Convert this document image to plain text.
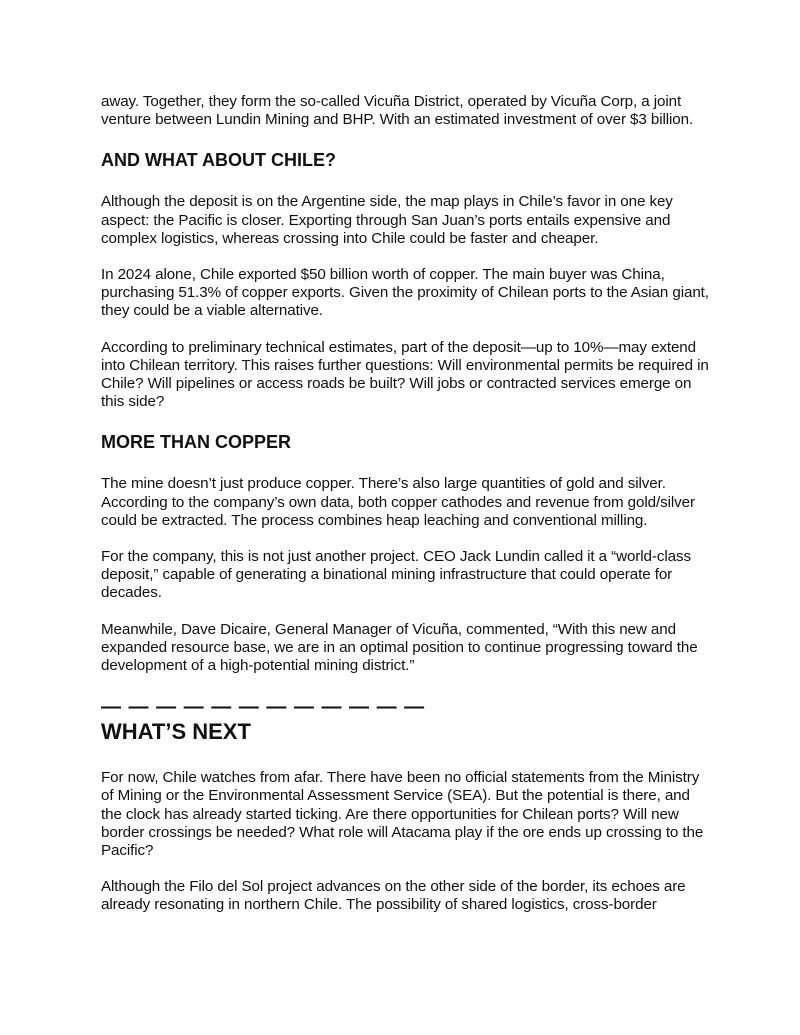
away. Together, they form the so-called Vicuña District, operated by Vicuña Corp, a joint venture between Lundin Mining and BHP. With an estimated investment of over $3 billion.

AND WHAT ABOUT CHILE?

Although the deposit is on the Argentine side, the map plays in Chile’s favor in one key aspect: the Pacific is closer. Exporting through San Juan’s ports entails expensive and complex logistics, whereas crossing into Chile could be faster and cheaper.

In 2024 alone, Chile exported $50 billion worth of copper. The main buyer was China, purchasing 51.3% of copper exports. Given the proximity of Chilean ports to the Asian giant, they could be a viable alternative.

According to preliminary technical estimates, part of the deposit—up to 10%—may extend into Chilean territory. This raises further questions: Will environmental permits be required in Chile? Will pipelines or access roads be built? Will jobs or contracted services emerge on this side?

MORE THAN COPPER

The mine doesn’t just produce copper. There’s also large quantities of gold and silver. According to the company’s own data, both copper cathodes and revenue from gold/silver could be extracted. The process combines heap leaching and conventional milling.

For the company, this is not just another project. CEO Jack Lundin called it a “world-class deposit,” capable of generating a binational mining infrastructure that could operate for decades.

Meanwhile, Dave Dicaire, General Manager of Vicuña, commented, “With this new and expanded resource base, we are in an optimal position to continue progressing toward the development of a high-potential mining district.”

— — — — — — — — — — — —
WHAT’S NEXT

For now, Chile watches from afar. There have been no official statements from the Ministry of Mining or the Environmental Assessment Service (SEA). But the potential is there, and the clock has already started ticking. Are there opportunities for Chilean ports? Will new border crossings be needed? What role will Atacama play if the ore ends up crossing to the Pacific?

Although the Filo del Sol project advances on the other side of the border, its echoes are already resonating in northern Chile. The possibility of shared logistics, cross-border
